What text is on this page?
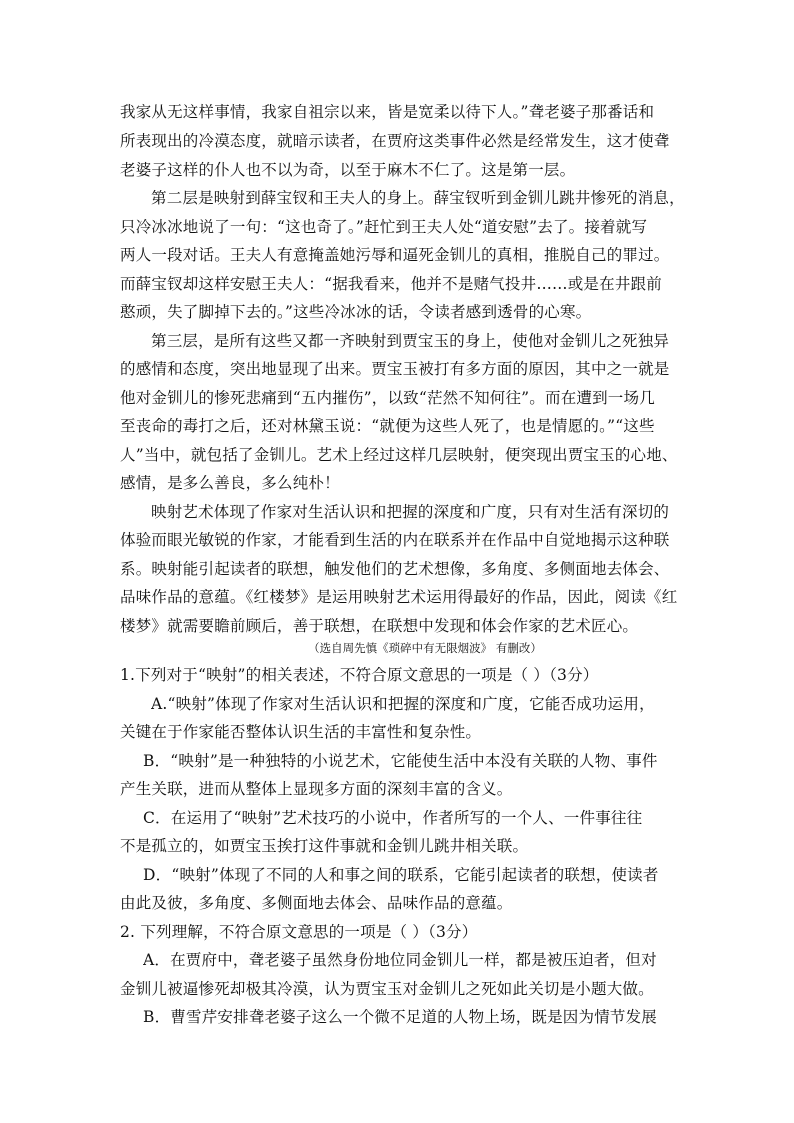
我家从无这样事情，我家自祖宗以来，皆是宽柔以待下人。”聋老婆子那番话和
所表现出的冷漠态度，就暗示读者，在贾府这类事件必然是经常发生，这才使聋
老婆子这样的仆人也不以为奇，以至于麻木不仁了。这是第一层。
第二层是映射到薛宝钗和王夫人的身上。薛宝钗听到金钏儿跳井惨死的消息，
只冷冰冰地说了一句：“这也奇了。”赶忙到王夫人处“道安慰”去了。接着就写
两人一段对话。王夫人有意掩盖她污辱和逼死金钏儿的真相，推脱自己的罪过。
而薛宝钗却这样安慰王夫人：“据我看来，他并不是赌气投井……或是在井跟前
憨顽，失了脚掉下去的。”这些冷冰冰的话，令读者感到透骨的心寒。
第三层，是所有这些又都一齐映射到贾宝玉的身上，使他对金钏儿之死独异
的感情和态度，突出地显现了出来。贾宝玉被打有多方面的原因，其中之一就是
他对金钏儿的惨死悲痛到“五内摧伤”，以致“茫然不知何往”。而在遭到一场几
至丧命的毒打之后，还对林黛玉说：“就便为这些人死了，也是情愿的。”“这些
人”当中，就包括了金钏儿。艺术上经过这样几层映射，便突现出贾宝玉的心地、
感情，是多么善良，多么纯朴！
映射艺术体现了作家对生活认识和把握的深度和广度，只有对生活有深切的
体验而眼光敏锐的作家，才能看到生活的内在联系并在作品中自觉地揭示这种联
系。映射能引起读者的联想，触发他们的艺术想像，多角度、多侧面地去体会、
品味作品的意蕴。《红楼梦》是运用映射艺术运用得最好的作品，因此，阅读《红
楼梦》就需要瞻前顾后，善于联想，在联想中发现和体会作家的艺术匠心。
（选自周先慎《琐碎中有无限烟波》 有删改）
1.下列对于“映射”的相关表述，不符合原文意思的一项是（ ）（3分）
A.“映射”体现了作家对生活认识和把握的深度和广度，它能否成功运用，
关键在于作家能否整体认识生活的丰富性和复杂性。
B．“映射”是一种独特的小说艺术，它能使生活中本没有关联的人物、事件
产生关联，进而从整体上显现多方面的深刻丰富的含义。
C．在运用了“映射”艺术技巧的小说中，作者所写的一个人、一件事往往
不是孤立的，如贾宝玉挨打这件事就和金钏儿跳井相关联。
D．“映射”体现了不同的人和事之间的联系，它能引起读者的联想，使读者
由此及彼，多角度、多侧面地去体会、品味作品的意蕴。
2. 下列理解，不符合原文意思的一项是（ ）（3分）
A．在贾府中，聋老婆子虽然身份地位同金钏儿一样，都是被压迫者，但对
金钏儿被逼惨死却极其冷漠，认为贾宝玉对金钏儿之死如此关切是小题大做。
B．曹雪芹安排聋老婆子这么一个微不足道的人物上场，既是因为情节发展
